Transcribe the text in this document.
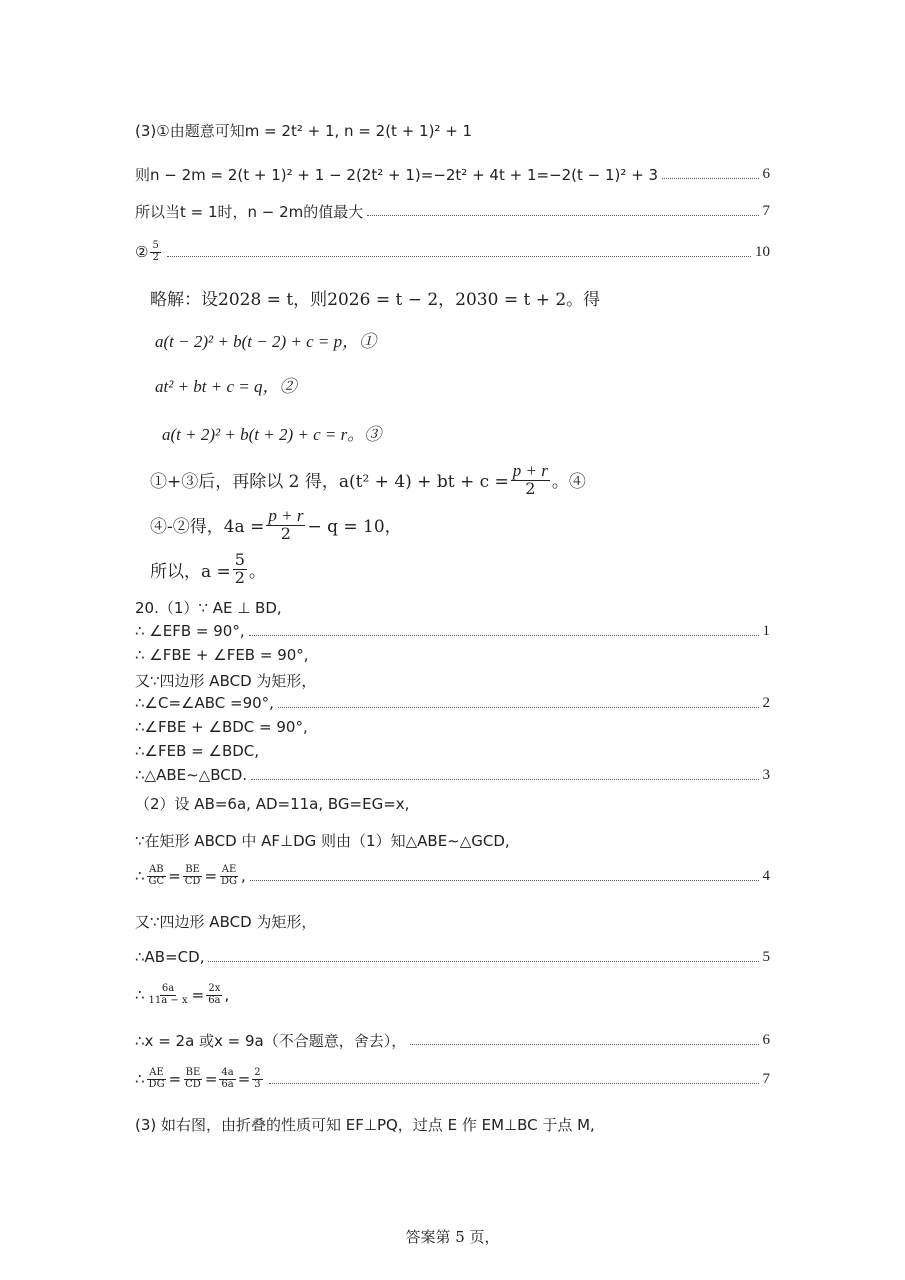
(3)①由题意可知m = 2t² + 1, n = 2(t + 1)² + 1
则n − 2m = 2(t + 1)² + 1 − 2(2t² + 1)=−2t² + 4t + 1=−2(t − 1)² + 3	6
所以当t = 1时，n − 2m的值最大	7
② $\frac{5}{2}$	10
略解：设2028 = t，则2026 = t − 2，2030 = t + 2。得
a(t − 2)² + b(t − 2) + c = p，①
at² + bt + c = q，②
a(t + 2)² + b(t + 2) + c = r。③
①+③后，再除以 2 得，a(t² + 4) + bt + $c = \frac{p + r}{2}$ 。④
④-②得，$4a = \frac{p + r}{2} - q = 10$，
所以，$a = \frac{5}{2}$ 。
20.（1）∵ AE ⊥ BD,
∴ ∠EFB = 90°,	1
∴ ∠FBE + ∠FEB = 90°,
又∵四边形 ABCD 为矩形，
∴∠C=∠ABC =90°,	2
∴∠FBE + ∠BDC = 90°,
∴∠FEB = ∠BDC,
∴△ABE∼△BCD.	3
（2）设 AB=6a, AD=11a, BG=EG=x,
∵在矩形 ABCD 中 AF⊥DG 则由（1）知△ABE∼△GCD,
∴ $\frac{AB}{GC} = \frac{BE}{CD} = \frac{AE}{DG}$ ,	4
又∵四边形 ABCD 为矩形，
∴AB=CD,	5
∴ $\frac{6a}{11a - x} = \frac{2x}{6a}$ ,
∴x = 2a 或x = 9a（不合题意，舍去），	6
∴ $\frac{AE}{DG} = \frac{BE}{CD} = \frac{4a}{6a} = \frac{2}{3}$	7
(3) 如右图，由折叠的性质可知 EF⊥PQ，过点 E 作 EM⊥BC 于点 M,
答案第 5 页，
